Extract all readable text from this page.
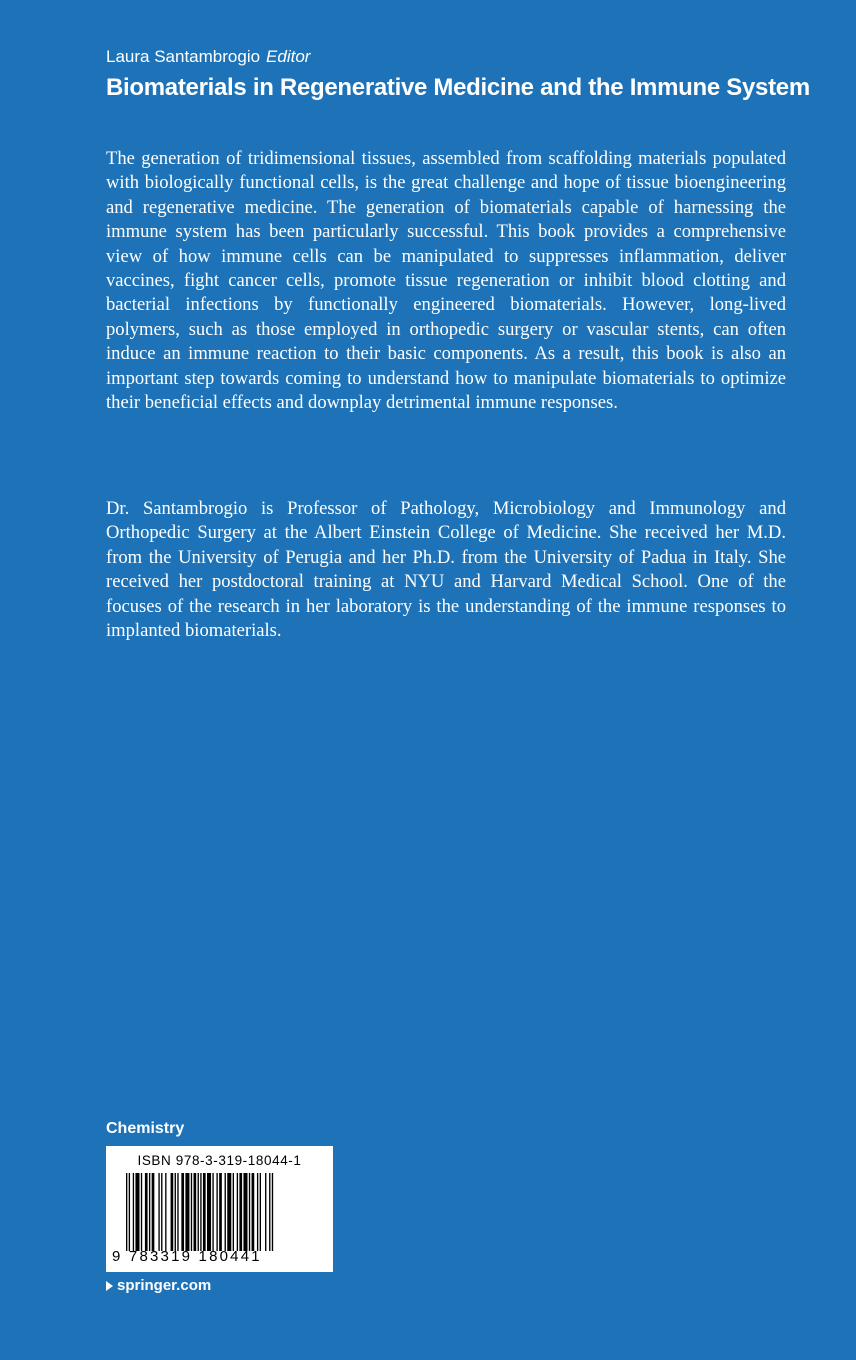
Laura Santambrogio Editor
Biomaterials in Regenerative Medicine and the Immune System

The generation of tridimensional tissues, assembled from scaffolding materials populated with biologically functional cells, is the great challenge and hope of tissue bioengineering and regenerative medicine. The generation of biomaterials capable of harnessing the immune system has been particularly successful. This book provides a comprehensive view of how immune cells can be manipulated to suppresses inflammation, deliver vaccines, fight cancer cells, promote tissue regeneration or inhibit blood clotting and bacterial infections by functionally engineered biomaterials. However, long-lived polymers, such as those employed in orthopedic surgery or vascular stents, can often induce an immune reaction to their basic components. As a result, this book is also an important step towards coming to understand how to manipulate biomaterials to optimize their beneficial effects and downplay detrimental immune responses.

Dr. Santambrogio is Professor of Pathology, Microbiology and Immunology and Orthopedic Surgery at the Albert Einstein College of Medicine. She received her M.D. from the University of Perugia and her Ph.D. from the University of Padua in Italy. She received her postdoctoral training at NYU and Harvard Medical School. One of the focuses of the research in her laboratory is the understanding of the immune responses to implanted biomaterials.

Chemistry
ISBN 978-3-319-18044-1
9 783319 180441
springer.com
